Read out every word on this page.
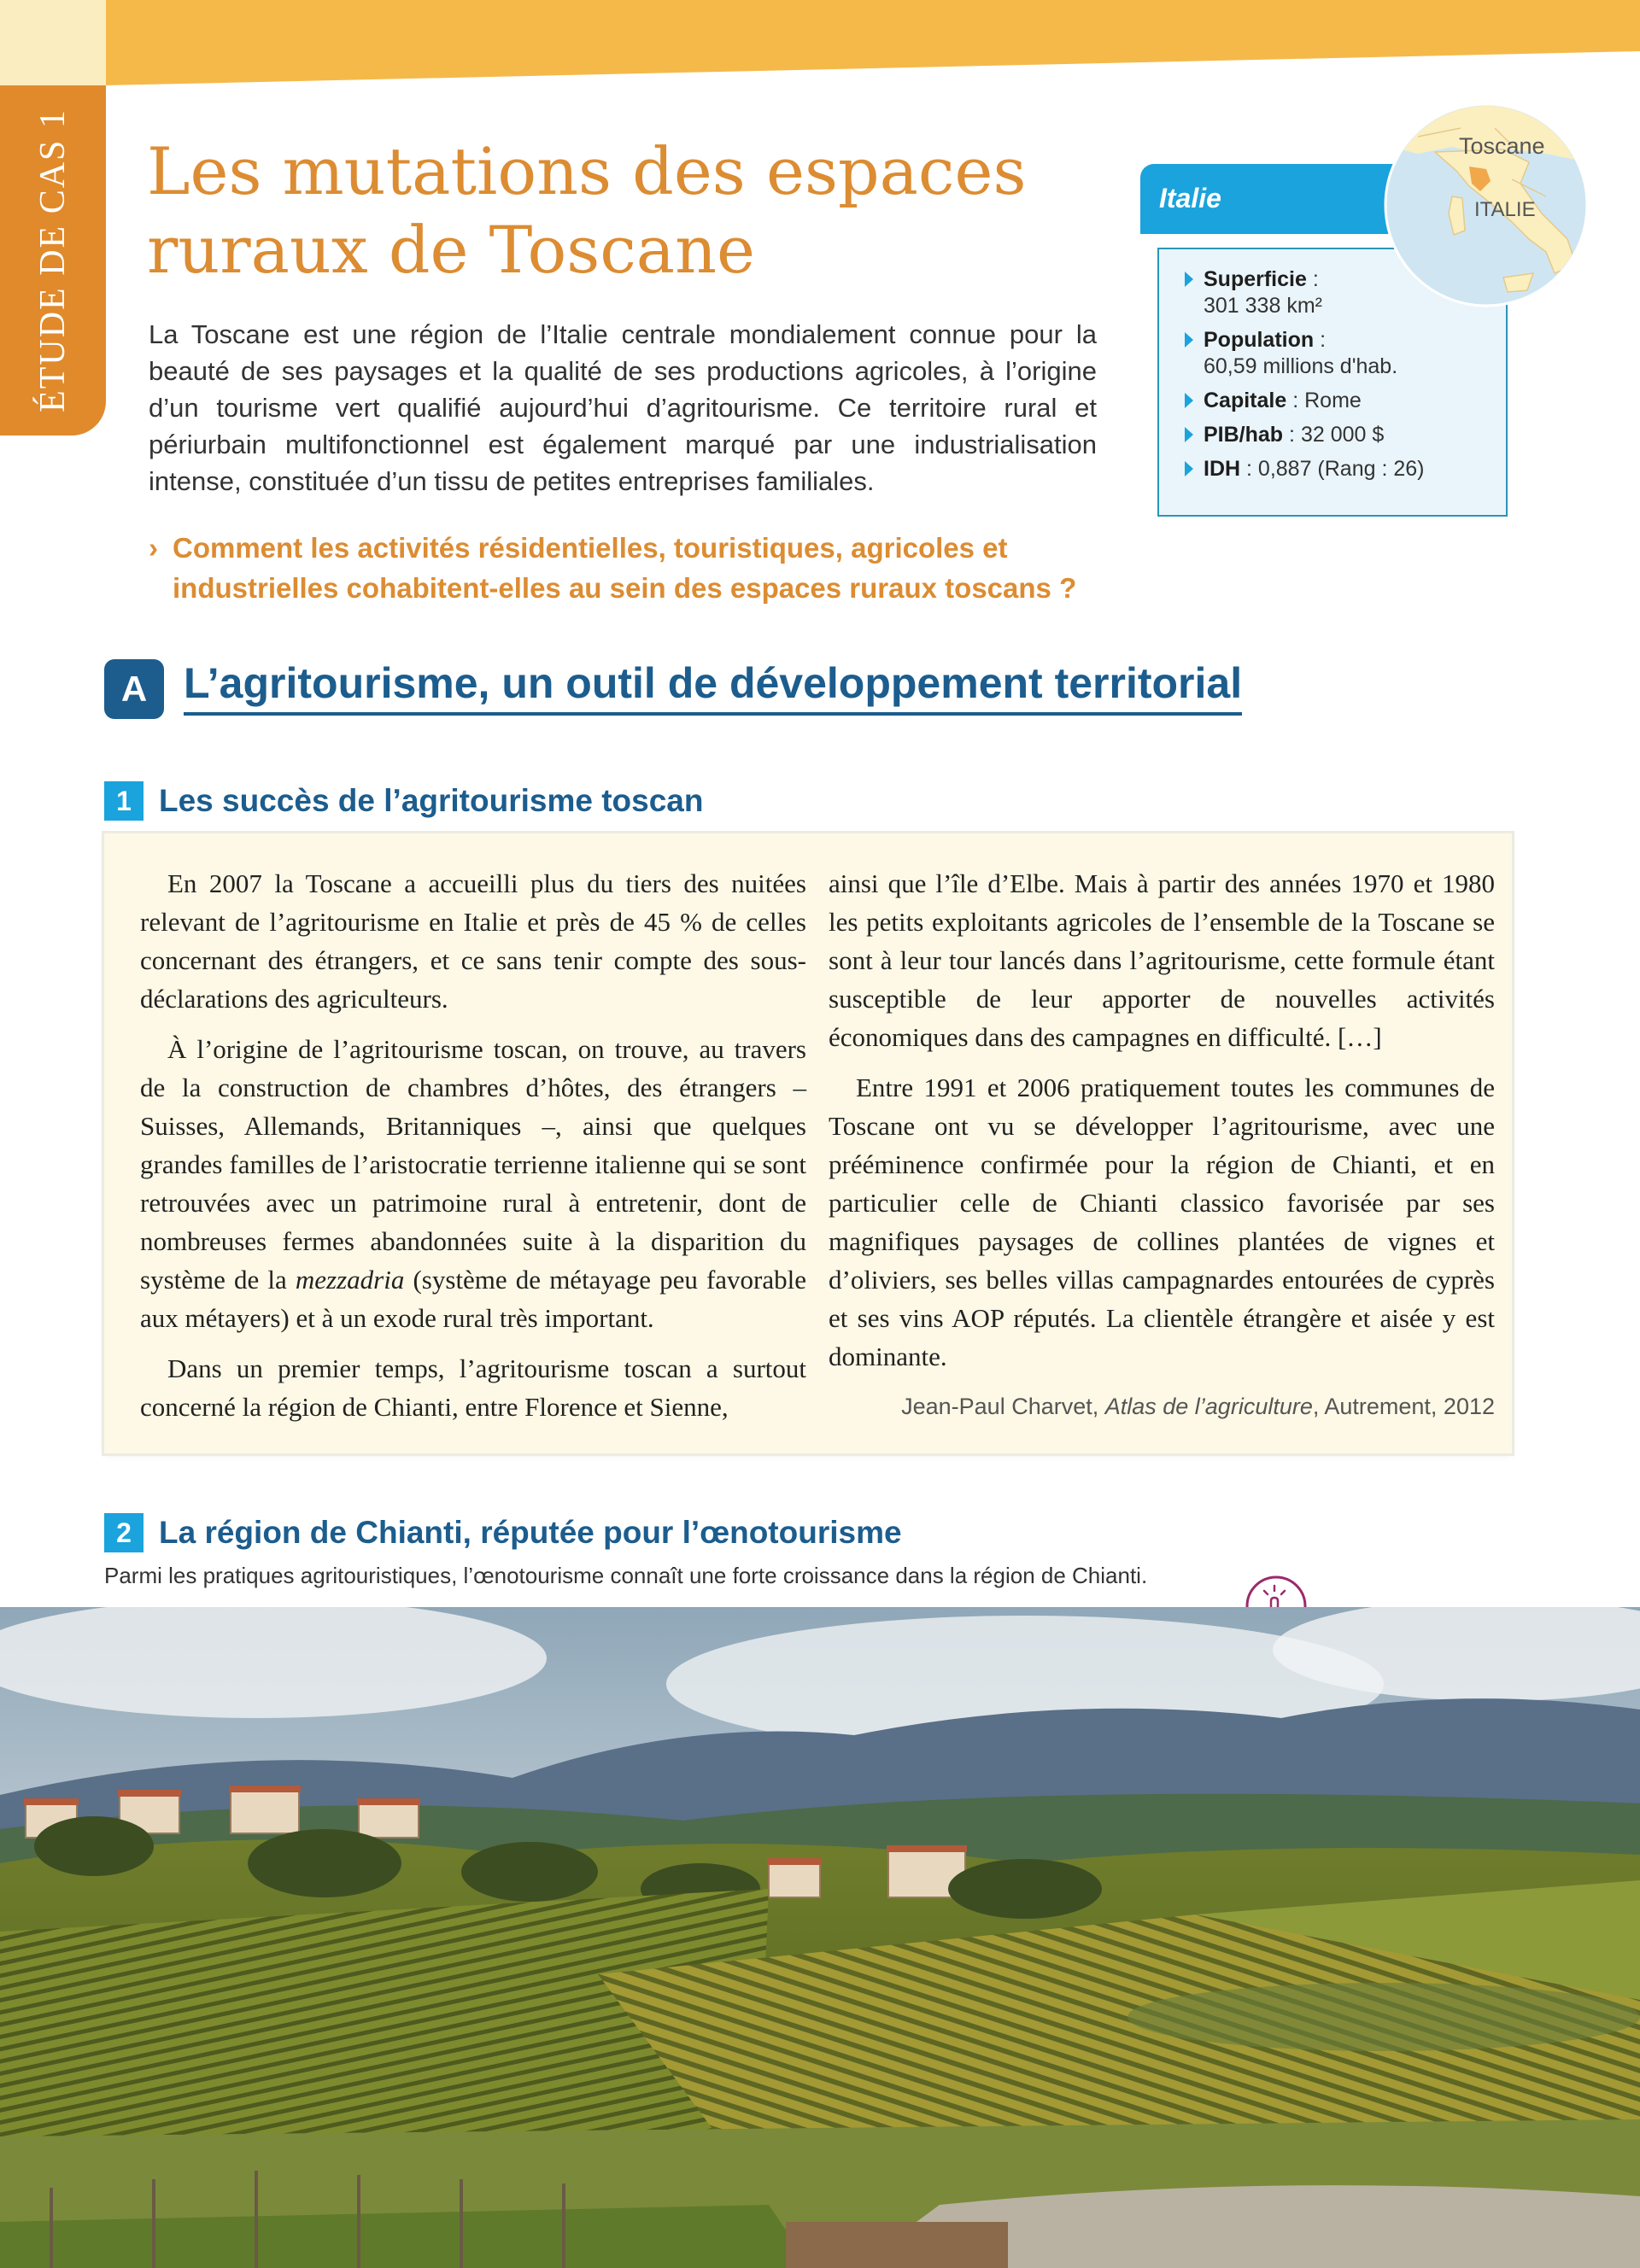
ÉTUDE DE CAS 1 Les mutations des espaces ruraux de Toscane

La Toscane est une région de l’Italie centrale mondialement connue pour la beauté de ses paysages et la qualité de ses productions agricoles, à l’origine d’un tourisme vert qualifié aujourd’hui d’agritourisme. Ce territoire rural et périurbain multifonctionnel est également marqué par une industrialisation intense, constituée d’un tissu de petites entreprises familiales.

› Comment les activités résidentielles, touristiques, agricoles et industrielles cohabitent-elles au sein des espaces ruraux toscans ?
Superficie :
301 338 km²
Population :
60,59 millions d'hab.
Capitale : Rome
PIB/hab : 32 000 $
IDH : 0,887 (Rang : 26)
Italie
Toscane
ITALIE
A L’agritourisme, un outil de développement territorial
1 Les succès de l’agritourisme toscan

En 2007 la Toscane a accueilli plus du tiers des nuitées relevant de l’agritourisme en Italie et près de 45 % de celles concernant des étrangers, et ce sans tenir compte des sous-déclarations des agriculteurs.

À l’origine de l’agritourisme toscan, on trouve, au travers de la construction de chambres d’hôtes, des étrangers – Suisses, Allemands, Britanniques –, ainsi que quelques grandes familles de l’aristocratie terrienne italienne qui se sont retrouvées avec un patrimoine rural à entretenir, dont de nombreuses fermes abandonnées suite à la disparition du système de la mezzadria (système de métayage peu favorable aux métayers) et à un exode rural très important.

Dans un premier temps, l’agritourisme toscan a surtout concerné la région de Chianti, entre Florence et Sienne,

ainsi que l’île d’Elbe. Mais à partir des années 1970 et 1980 les petits exploitants agricoles de l’ensemble de la Toscane se sont à leur tour lancés dans l’agritourisme, cette formule étant susceptible de leur apporter de nouvelles activités économiques dans des campagnes en difficulté. […]

Entre 1991 et 2006 pratiquement toutes les communes de Toscane ont vu se développer l’agritourisme, avec une prééminence confirmée pour la région de Chianti, et en particulier celle de Chianti classico favorisée par ses magnifiques paysages de collines plantées de vignes et d’oliviers, ses belles villas campagnardes entourées de cyprès et ses vins AOP réputés. La clientèle étrangère et aisée y est dominante.

Jean-Paul Charvet, Atlas de l’agriculture, Autrement, 2012
2 La région de Chianti, réputée pour l’œnotourisme
Parmi les pratiques agritouristiques, l’œnotourisme connaît une forte croissance dans la région de Chianti.
